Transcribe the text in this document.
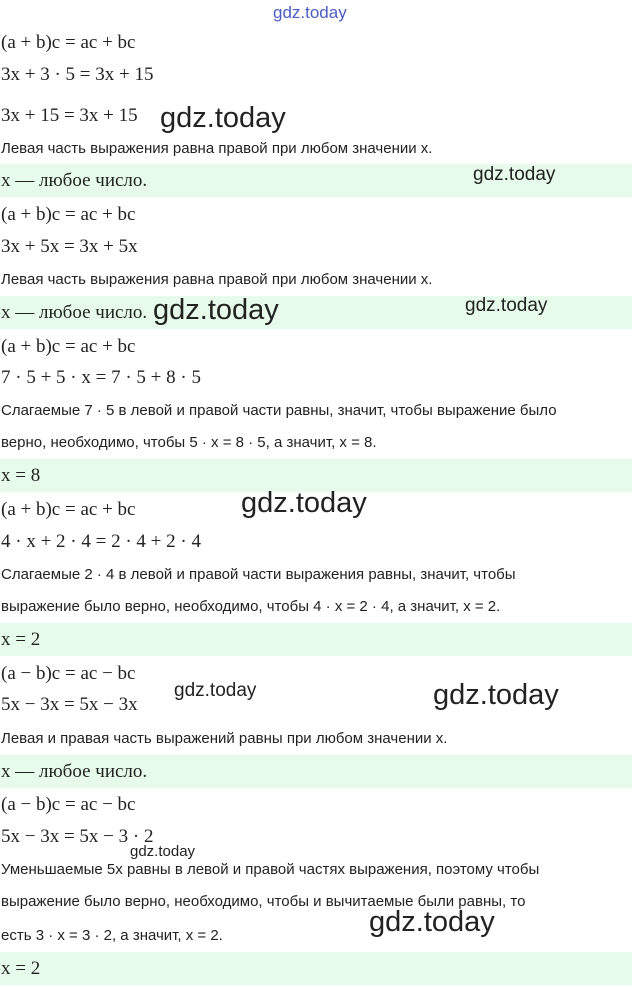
gdz.today
(a + b)c = ac + bc
3x + 3 · 5 = 3x + 15
3x + 15 = 3x + 15
Левая часть выражения равна правой при любом значении x.
x — любое число.
(a + b)c = ac + bc
3x + 5x = 3x + 5x
Левая часть выражения равна правой при любом значении x.
x — любое число.
(a + b)c = ac + bc
7 · 5 + 5 · x = 7 · 5 + 8 · 5
Слагаемые 7 · 5 в левой и правой части равны, значит, чтобы выражение было
верно, необходимо, чтобы 5 · x = 8 · 5, а значит, x = 8.
x = 8
(a + b)c = ac + bc
4 · x + 2 · 4 = 2 · 4 + 2 · 4
Слагаемые 2 · 4 в левой и правой части выражения равны, значит, чтобы
выражение было верно, необходимо, чтобы 4 · x = 2 · 4, а значит, x = 2.
x = 2
(a − b)c = ac − bc
5x − 3x = 5x − 3x
Левая и правая часть выражений равны при любом значении x.
x — любое число.
(a − b)c = ac − bc
5x − 3x = 5x − 3 · 2
Уменьшаемые 5x равны в левой и правой частях выражения, поэтому чтобы
выражение было верно, необходимо, чтобы и вычитаемые были равны, то
есть 3 · x = 3 · 2, а значит, x = 2.
x = 2
gdz.today
gdz.today
gdz.today	gdz.today
gdz.today
gdz.today	gdz.today
gdz.today
gdz.today
